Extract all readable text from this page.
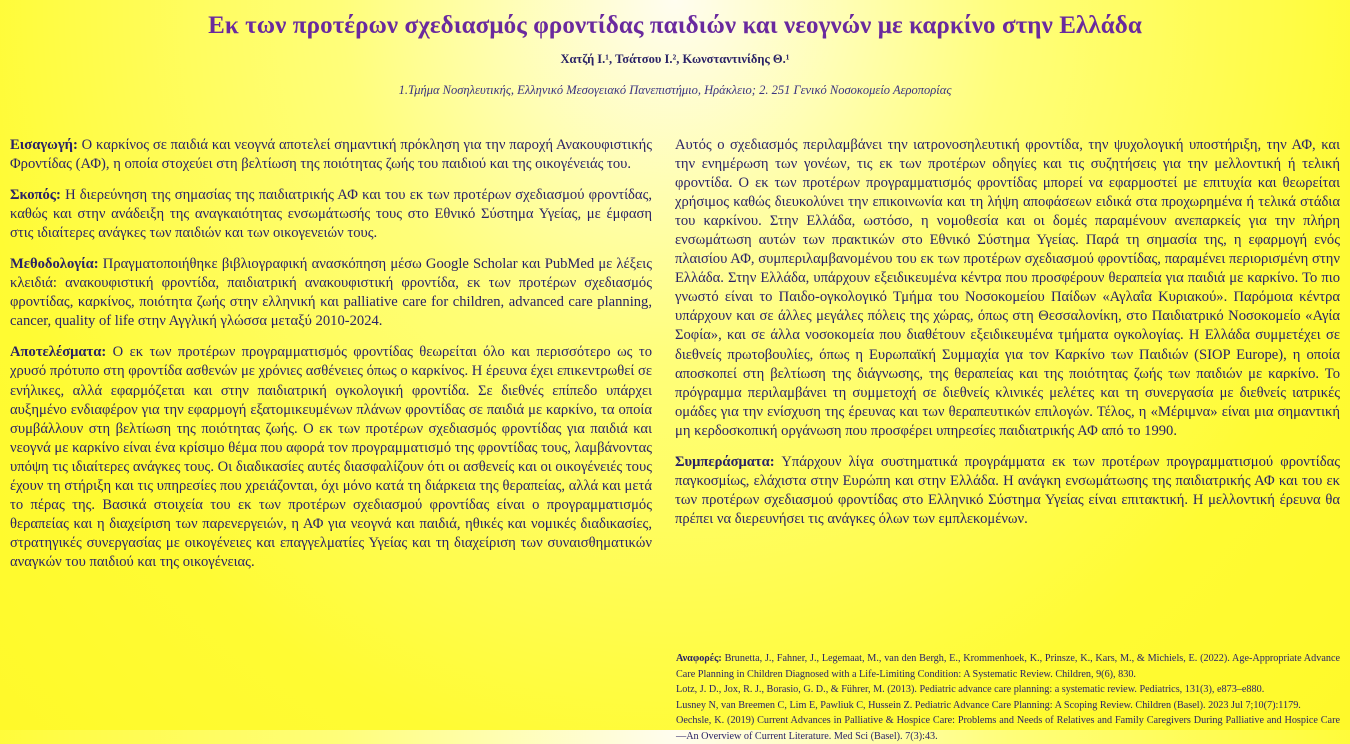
Εκ των προτέρων σχεδιασμός φροντίδας παιδιών και νεογνών με καρκίνο στην Ελλάδα
Χατζή Ι.¹, Τσάτσου Ι.², Κωνσταντινίδης Θ.¹
1.Τμήμα Νοσηλευτικής, Ελληνικό Μεσογειακό Πανεπιστήμιο, Ηράκλειο; 2. 251 Γενικό Νοσοκομείο Αεροπορίας

Εισαγωγή: Ο καρκίνος σε παιδιά και νεογνά αποτελεί σημαντική πρόκληση για την παροχή Ανακουφιστικής Φροντίδας (ΑΦ), η οποία στοχεύει στη βελτίωση της ποιότητας ζωής του παιδιού και της οικογένειάς του.

Σκοπός: Η διερεύνηση της σημασίας της παιδιατρικής ΑΦ και του εκ των προτέρων σχεδιασμού φροντίδας, καθώς και στην ανάδειξη της αναγκαιότητας ενσωμάτωσής τους στο Εθνικό Σύστημα Υγείας, με έμφαση στις ιδιαίτερες ανάγκες των παιδιών και των οικογενειών τους.

Μεθοδολογία: Πραγματοποιήθηκε βιβλιογραφική ανασκόπηση μέσω Google Scholar και PubMed με λέξεις κλειδιά: ανακουφιστική φροντίδα, παιδιατρική ανακουφιστική φροντίδα, εκ των προτέρων σχεδιασμός φροντίδας, καρκίνος, ποιότητα ζωής στην ελληνική και palliative care for children, advanced care planning, cancer, quality of life στην Αγγλική γλώσσα μεταξύ 2010-2024.

Αποτελέσματα: Ο εκ των προτέρων προγραμματισμός φροντίδας θεωρείται όλο και περισσότερο ως το χρυσό πρότυπο στη φροντίδα ασθενών με χρόνιες ασθένειες όπως ο καρκίνος. Η έρευνα έχει επικεντρωθεί σε ενήλικες, αλλά εφαρμόζεται και στην παιδιατρική ογκολογική φροντίδα. Σε διεθνές επίπεδο υπάρχει αυξημένο ενδιαφέρον για την εφαρμογή εξατομικευμένων πλάνων φροντίδας σε παιδιά με καρκίνο, τα οποία συμβάλλουν στη βελτίωση της ποιότητας ζωής. Ο εκ των προτέρων σχεδιασμός φροντίδας για παιδιά και νεογνά με καρκίνο είναι ένα κρίσιμο θέμα που αφορά τον προγραμματισμό της φροντίδας τους, λαμβάνοντας υπόψη τις ιδιαίτερες ανάγκες τους. Οι διαδικασίες αυτές διασφαλίζουν ότι οι ασθενείς και οι οικογένειές τους έχουν τη στήριξη και τις υπηρεσίες που χρειάζονται, όχι μόνο κατά τη διάρκεια της θεραπείας, αλλά και μετά το πέρας της. Βασικά στοιχεία του εκ των προτέρων σχεδιασμού φροντίδας είναι ο προγραμματισμός θεραπείας και η διαχείριση των παρενεργειών, η ΑΦ για νεογνά και παιδιά, ηθικές και νομικές διαδικασίες, στρατηγικές συνεργασίας με οικογένειες και επαγγελματίες Υγείας και τη διαχείριση των συναισθηματικών αναγκών του παιδιού και της οικογένειας.

Αυτός ο σχεδιασμός περιλαμβάνει την ιατρονοσηλευτική φροντίδα, την ψυχολογική υποστήριξη, την ΑΦ, και την ενημέρωση των γονέων, τις εκ των προτέρων οδηγίες και τις συζητήσεις για την μελλοντική ή τελική φροντίδα. Ο εκ των προτέρων προγραμματισμός φροντίδας μπορεί να εφαρμοστεί με επιτυχία και θεωρείται χρήσιμος καθώς διευκολύνει την επικοινωνία και τη λήψη αποφάσεων ειδικά στα προχωρημένα ή τελικά στάδια του καρκίνου. Στην Ελλάδα, ωστόσο, η νομοθεσία και οι δομές παραμένουν ανεπαρκείς για την πλήρη ενσωμάτωση αυτών των πρακτικών στο Εθνικό Σύστημα Υγείας. Παρά τη σημασία της, η εφαρμογή ενός πλαισίου ΑΦ, συμπεριλαμβανομένου του εκ των προτέρων σχεδιασμού φροντίδας, παραμένει περιορισμένη στην Ελλάδα. Στην Ελλάδα, υπάρχουν εξειδικευμένα κέντρα που προσφέρουν θεραπεία για παιδιά με καρκίνο. Το πιο γνωστό είναι το Παιδο-ογκολογικό Τμήμα του Νοσοκομείου Παίδων «Αγλαΐα Κυριακού». Παρόμοια κέντρα υπάρχουν και σε άλλες μεγάλες πόλεις της χώρας, όπως στη Θεσσαλονίκη, στο Παιδιατρικό Νοσοκομείο «Αγία Σοφία», και σε άλλα νοσοκομεία που διαθέτουν εξειδικευμένα τμήματα ογκολογίας. Η Ελλάδα συμμετέχει σε διεθνείς πρωτοβουλίες, όπως η Ευρωπαϊκή Συμμαχία για τον Καρκίνο των Παιδιών (SIOP Europe), η οποία αποσκοπεί στη βελτίωση της διάγνωσης, της θεραπείας και της ποιότητας ζωής των παιδιών με καρκίνο. Το πρόγραμμα περιλαμβάνει τη συμμετοχή σε διεθνείς κλινικές μελέτες και τη συνεργασία με διεθνείς ιατρικές ομάδες για την ενίσχυση της έρευνας και των θεραπευτικών επιλογών. Τέλος, η «Μέριμνα» είναι μια σημαντική μη κερδοσκοπική οργάνωση που προσφέρει υπηρεσίες παιδιατρικής ΑΦ από το 1990.

Συμπεράσματα: Υπάρχουν λίγα συστηματικά προγράμματα εκ των προτέρων προγραμματισμού φροντίδας παγκοσμίως, ελάχιστα στην Ευρώπη και στην Ελλάδα. Η ανάγκη ενσωμάτωσης της παιδιατρικής ΑΦ και του εκ των προτέρων σχεδιασμού φροντίδας στο Ελληνικό Σύστημα Υγείας είναι επιτακτική. Η μελλοντική έρευνα θα πρέπει να διερευνήσει τις ανάγκες όλων των εμπλεκομένων.

Αναφορές: Brunetta, J., Fahner, J., Legemaat, M., van den Bergh, E., Krommenhoek, K., Prinsze, K., Kars, M., & Michiels, E. (2022). Age-Appropriate Advance Care Planning in Children Diagnosed with a Life-Limiting Condition: A Systematic Review. Children, 9(6), 830.
Lotz, J. D., Jox, R. J., Borasio, G. D., & Führer, M. (2013). Pediatric advance care planning: a systematic review. Pediatrics, 131(3), e873–e880.
Lusney N, van Breemen C, Lim E, Pawliuk C, Hussein Z. Pediatric Advance Care Planning: A Scoping Review. Children (Basel). 2023 Jul 7;10(7):1179.
Oechsle, K. (2019) Current Advances in Palliative & Hospice Care: Problems and Needs of Relatives and Family Caregivers During Palliative and Hospice Care—An Overview of Current Literature. Med Sci (Basel). 7(3):43.
